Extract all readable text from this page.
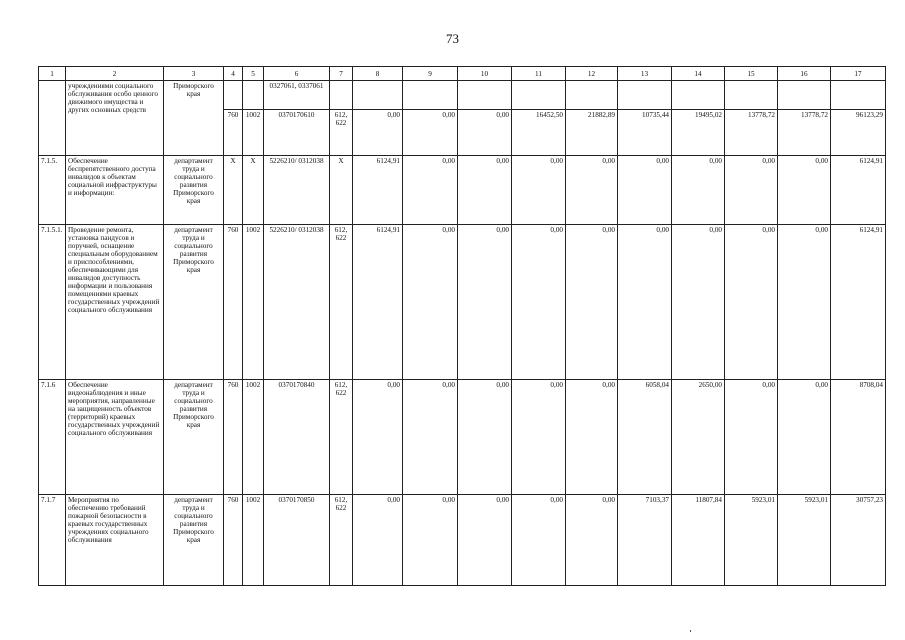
73
1	2	3	4	5	6	7	8	9	10	11	12	13	14	15	16	17
	учреждениями социального обслуживания особо ценного движимого имущества и других основных средств	Приморского края			0327061, 0337061											
			760	1002	0370170610	612, 622	0,00	0,00	0,00	16452,50	21882,89	10735,44	19495,02	13778,72	13778,72	96123,29
7.1.5.	Обеспечение беспрепятственного доступа инвалидов к объектам социальной инфраструктуры и информации:	департамент труда и социального развития Приморского края	X	X	5226210/ 0312038	X	6124,91	0,00	0,00	0,00	0,00	0,00	0,00	0,00	0,00	6124,91
7.1.5.1.	Проведение ремонта, установка пандусов и поручней, оснащение специальным оборудованием и приспособлениями, обеспечивающими для инвалидов доступность информации и пользования помещениями краевых государственных учреждений социального обслуживания	департамент труда и социального развития Приморского края	760	1002	5226210/ 0312038	612, 622	6124,91	0,00	0,00	0,00	0,00	0,00	0,00	0,00	0,00	6124,91
7.1.6	Обеспечение видеонаблюдения и иные мероприятия, направленные на защищенность объектов (территорий) краевых государственных учреждений социального обслуживания	департамент труда и социального развития Приморского края	760	1002	0370170840	612, 622	0,00	0,00	0,00	0,00	0,00	6058,04	2650,00	0,00	0,00	8708,04
7.1.7	Мероприятия по обеспечению требований пожарной безопасности в краевых государственных учреждениях социального обслуживания	департамент труда и социального развития Приморского края	760	1002	0370170850	612, 622	0,00	0,00	0,00	0,00	0,00	7103,37	11807,84	5923,01	5923,01	30757,23
